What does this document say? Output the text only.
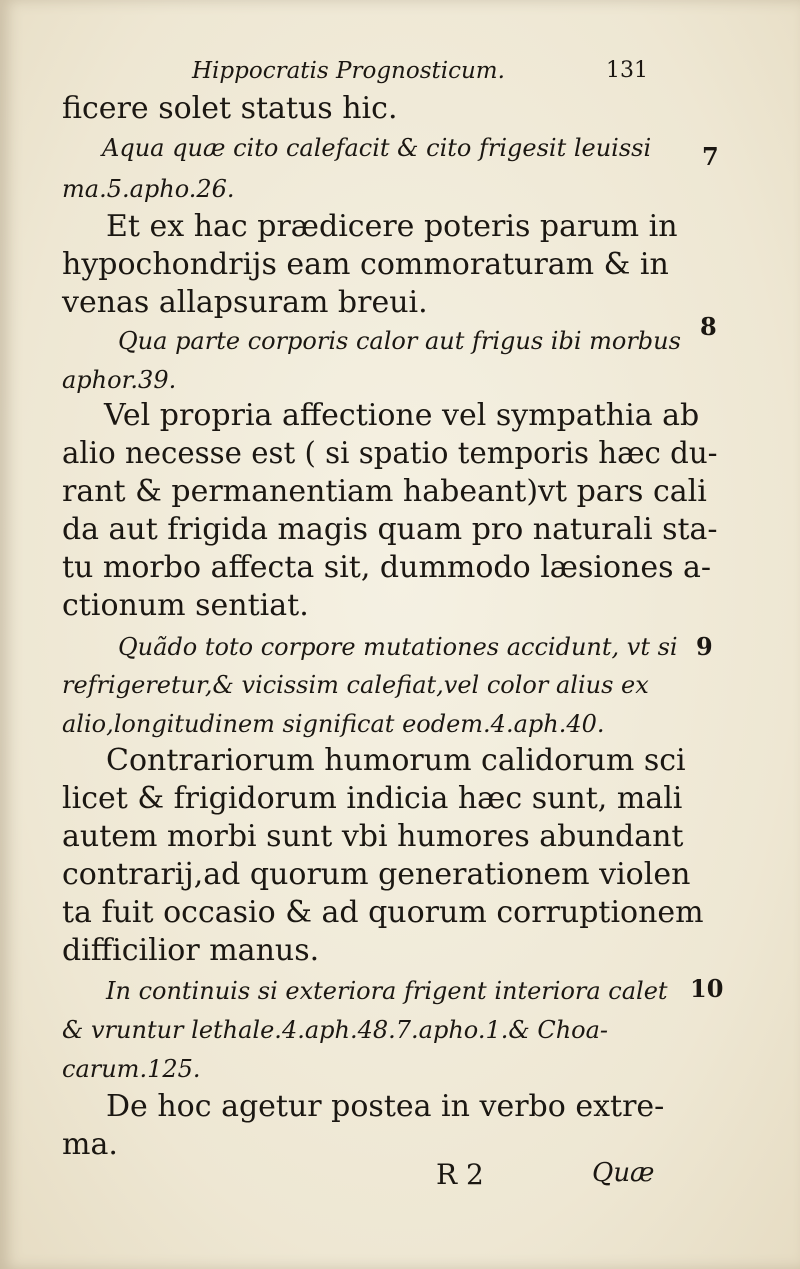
Hippocratis Prognosticum.	131
ficere solet status hic.
Aqua quæ cito calefacit & cito frigesit leuissi
ma.5.apho.26.
Et ex hac prædicere poteris parum in
hypochondrijs eam commoraturam & in
venas allapsuram breui.
Qua parte corporis calor aut frigus ibi morbus
aphor.39.
Vel propria affectione vel sympathia ab
alio necesse est ( si spatio temporis hæc du-
rant & permanentiam habeant)vt pars cali
da aut frigida magis quam pro naturali sta-
tu morbo affecta sit, dummodo læsiones a-
ctionum sentiat.
Quãdo toto corpore mutationes accidunt, vt si
refrigeretur,& vicissim calefiat,vel color alius ex
alio,longitudinem significat eodem.4.aph.40.
Contrariorum humorum calidorum sci
licet & frigidorum indicia hæc sunt, mali
autem morbi sunt vbi humores abundant
contrarij,ad quorum generationem violen
ta fuit occasio & ad quorum corruptionem
difficilior manus.
In continuis si exteriora frigent interiora calet
& vruntur lethale.4.aph.48.7.apho.1.& Choa-
carum.125.
De hoc agetur postea in verbo extre-
ma.
7
8
9
10
R 2	Quæ
